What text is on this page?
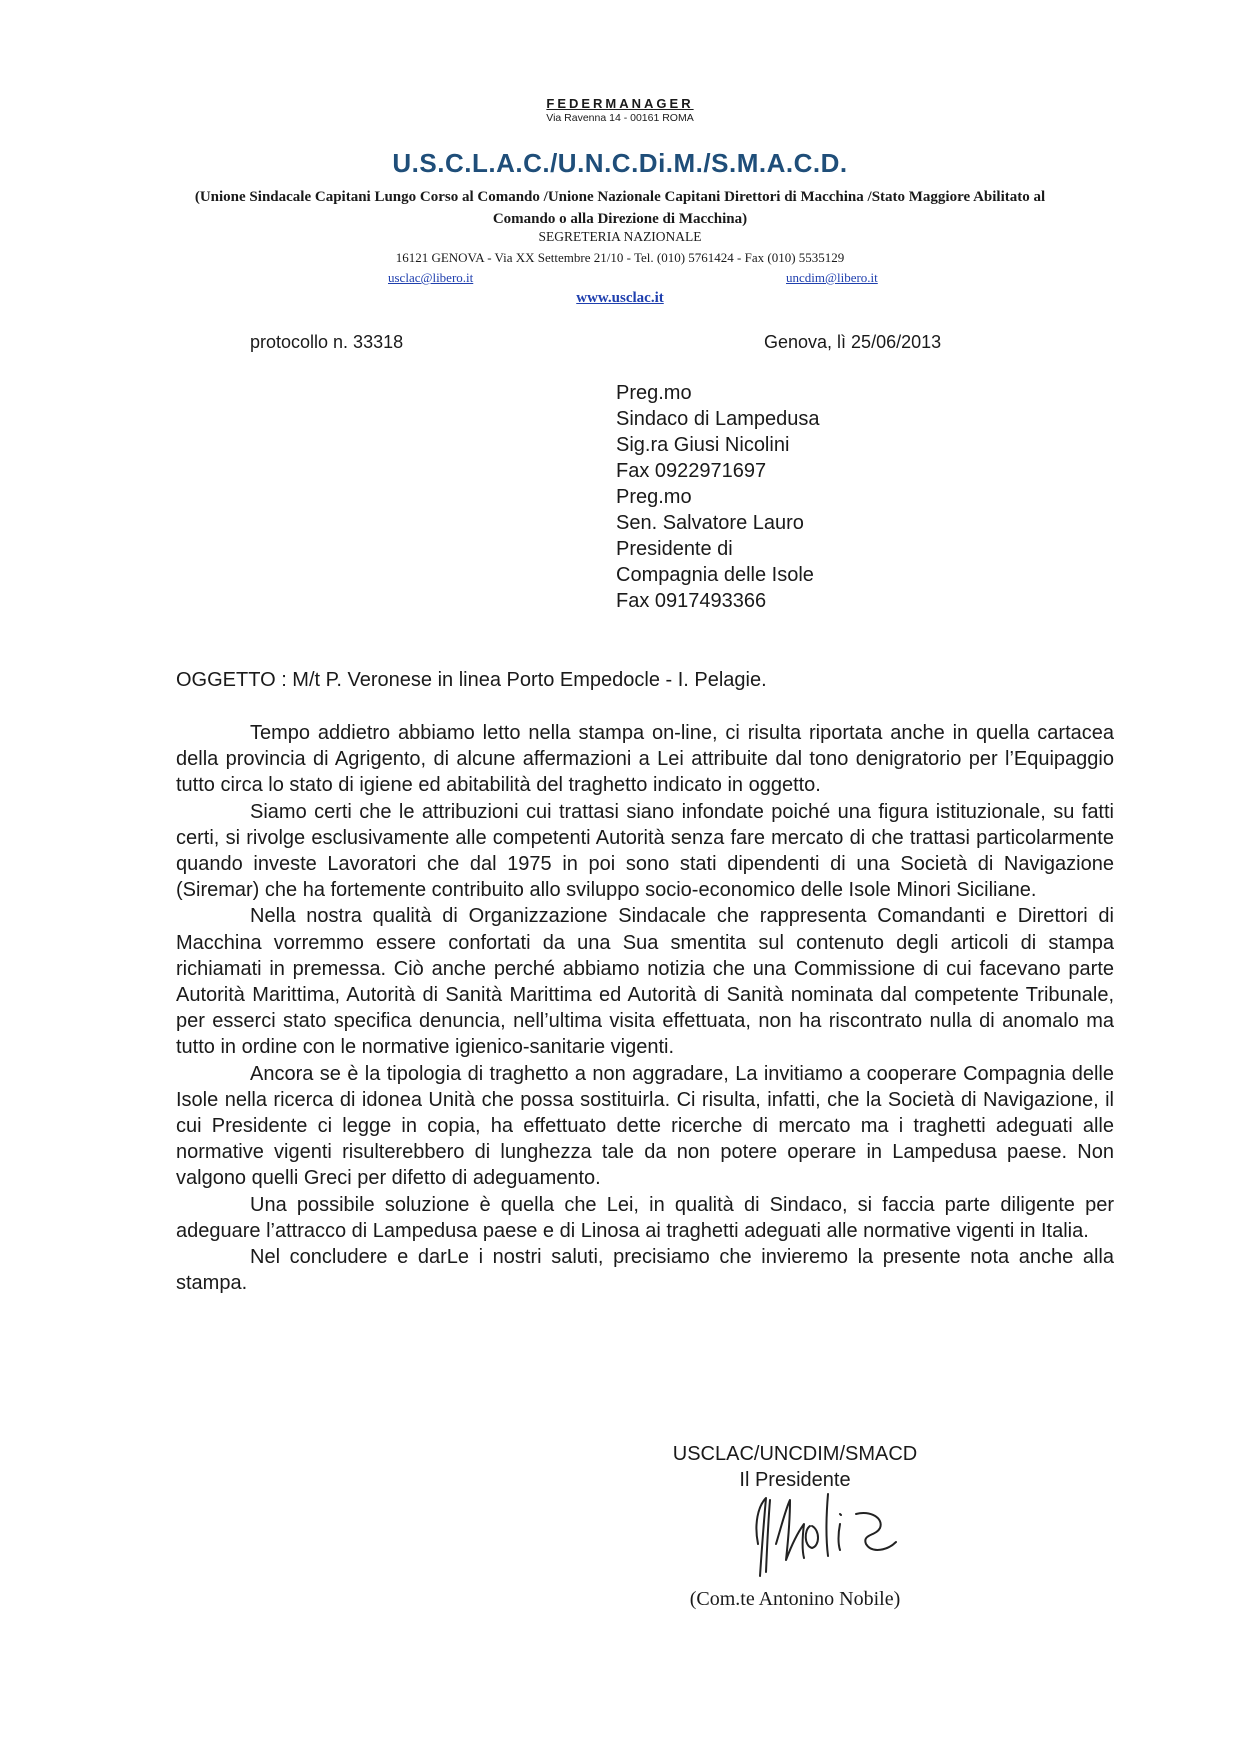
FEDERMANAGER
Via Ravenna 14 - 00161 ROMA
U.S.C.L.A.C./U.N.C.Di.M./S.M.A.C.D.
(Unione Sindacale Capitani Lungo Corso al Comando /Unione Nazionale Capitani Direttori di Macchina /Stato Maggiore Abilitato al Comando o alla Direzione di Macchina)
SEGRETERIA NAZIONALE
16121 GENOVA - Via XX Settembre 21/10 - Tel. (010) 5761424 - Fax (010) 5535129
usclac@libero.it	uncdim@libero.it
www.usclac.it
protocollo n. 33318	Genova, lì 25/06/2013
Preg.mo
Sindaco di Lampedusa
Sig.ra Giusi Nicolini
Fax 0922971697
Preg.mo
Sen. Salvatore Lauro
Presidente di
Compagnia delle Isole
Fax 0917493366
OGGETTO : M/t P. Veronese in linea Porto Empedocle - I. Pelagie.

Tempo addietro abbiamo letto nella stampa on-line, ci risulta riportata anche in quella cartacea della provincia di Agrigento, di alcune affermazioni a Lei attribuite dal tono denigratorio per l’Equipaggio tutto circa lo stato di igiene ed abitabilità del traghetto indicato in oggetto.

Siamo certi che le attribuzioni cui trattasi siano infondate poiché una figura istituzionale, su fatti certi, si rivolge esclusivamente alle competenti Autorità senza fare mercato di che trattasi particolarmente quando investe Lavoratori che dal 1975 in poi sono stati dipendenti di una Società di Navigazione (Siremar) che ha fortemente contribuito allo sviluppo socio-economico delle Isole Minori Siciliane.

Nella nostra qualità di Organizzazione Sindacale che rappresenta Comandanti e Direttori di Macchina vorremmo essere confortati da una Sua smentita sul contenuto degli articoli di stampa richiamati in premessa. Ciò anche perché abbiamo notizia che una Commissione di cui facevano parte Autorità Marittima, Autorità di Sanità Marittima ed Autorità di Sanità nominata dal competente Tribunale, per esserci stato specifica denuncia, nell’ultima visita effettuata, non ha riscontrato nulla di anomalo ma tutto in ordine con le normative igienico-sanitarie vigenti.

Ancora se è la tipologia di traghetto a non aggradare, La invitiamo a cooperare Compagnia delle Isole nella ricerca di idonea Unità che possa sostituirla. Ci risulta, infatti, che la Società di Navigazione, il cui Presidente ci legge in copia, ha effettuato dette ricerche di mercato ma i traghetti adeguati alle normative vigenti risulterebbero di lunghezza tale da non potere operare in Lampedusa paese. Non valgono quelli Greci per difetto di adeguamento.

Una possibile soluzione è quella che Lei, in qualità di Sindaco, si faccia parte diligente per adeguare l’attracco di Lampedusa paese e di Linosa ai traghetti adeguati alle normative vigenti in Italia.

Nel concludere e darLe i nostri saluti, precisiamo che invieremo la presente nota anche alla stampa.

USCLAC/UNCDIM/SMACD
Il Presidente
(Com.te Antonino Nobile)
